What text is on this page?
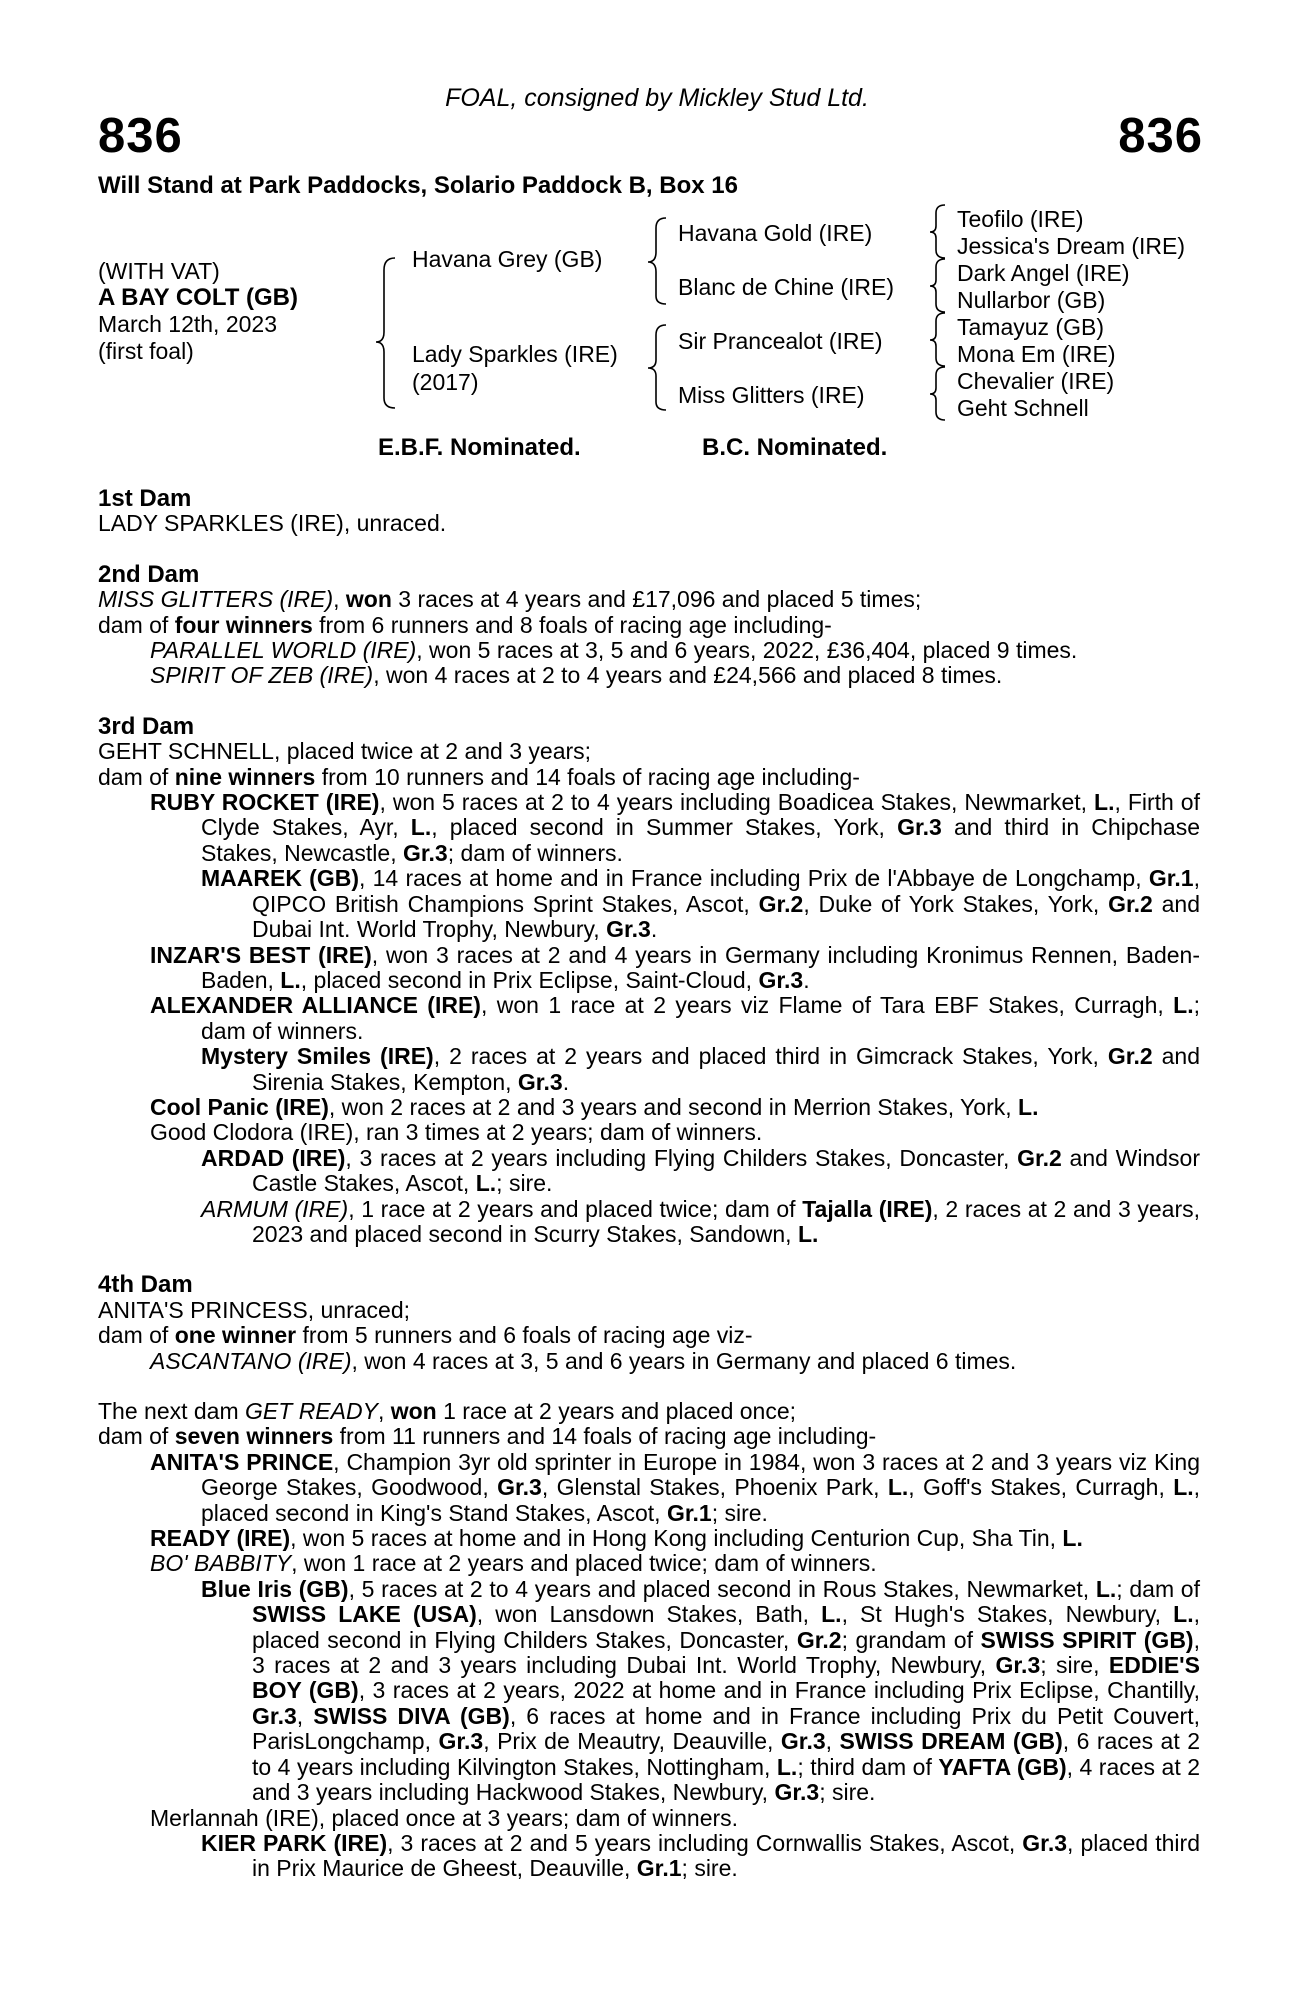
FOAL, consigned by Mickley Stud Ltd.
836	836
Will Stand at Park Paddocks, Solario Paddock B, Box 16
(WITH VAT)
A BAY COLT (GB)
March 12th, 2023
(first foal)
Havana Grey (GB)
Lady Sparkles (IRE)
(2017)
Havana Gold (IRE)
Blanc de Chine (IRE)
Sir Prancealot (IRE)
Miss Glitters (IRE)
Teofilo (IRE)
Jessica's Dream (IRE)
Dark Angel (IRE)
Nullarbor (GB)
Tamayuz (GB)
Mona Em (IRE)
Chevalier (IRE)
Geht Schnell
E.B.F. Nominated.	B.C. Nominated.

1st Dam

LADY SPARKLES (IRE), unraced.

2nd Dam

MISS GLITTERS (IRE), won 3 races at 4 years and £17,096 and placed 5 times;

dam of four winners from 6 runners and 8 foals of racing age including-

PARALLEL WORLD (IRE), won 5 races at 3, 5 and 6 years, 2022, £36,404, placed 9 times.

SPIRIT OF ZEB (IRE), won 4 races at 2 to 4 years and £24,566 and placed 8 times.

3rd Dam

GEHT SCHNELL, placed twice at 2 and 3 years;

dam of nine winners from 10 runners and 14 foals of racing age including-

RUBY ROCKET (IRE), won 5 races at 2 to 4 years including Boadicea Stakes, Newmarket, L., Firth of Clyde Stakes, Ayr, L., placed second in Summer Stakes, York, Gr.3 and third in Chipchase Stakes, Newcastle, Gr.3; dam of winners.

MAAREK (GB), 14 races at home and in France including Prix de l'Abbaye de Longchamp, Gr.1, QIPCO British Champions Sprint Stakes, Ascot, Gr.2, Duke of York Stakes, York, Gr.2 and Dubai Int. World Trophy, Newbury, Gr.3.

INZAR'S BEST (IRE), won 3 races at 2 and 4 years in Germany including Kronimus Rennen, Baden-Baden, L., placed second in Prix Eclipse, Saint-Cloud, Gr.3.

ALEXANDER ALLIANCE (IRE), won 1 race at 2 years viz Flame of Tara EBF Stakes, Curragh, L.; dam of winners.

Mystery Smiles (IRE), 2 races at 2 years and placed third in Gimcrack Stakes, York, Gr.2 and Sirenia Stakes, Kempton, Gr.3.

Cool Panic (IRE), won 2 races at 2 and 3 years and second in Merrion Stakes, York, L.

Good Clodora (IRE), ran 3 times at 2 years; dam of winners.

ARDAD (IRE), 3 races at 2 years including Flying Childers Stakes, Doncaster, Gr.2 and Windsor Castle Stakes, Ascot, L.; sire.

ARMUM (IRE), 1 race at 2 years and placed twice; dam of Tajalla (IRE), 2 races at 2 and 3 years, 2023 and placed second in Scurry Stakes, Sandown, L.

4th Dam

ANITA'S PRINCESS, unraced;

dam of one winner from 5 runners and 6 foals of racing age viz-

ASCANTANO (IRE), won 4 races at 3, 5 and 6 years in Germany and placed 6 times.

The next dam GET READY, won 1 race at 2 years and placed once;

dam of seven winners from 11 runners and 14 foals of racing age including-

ANITA'S PRINCE, Champion 3yr old sprinter in Europe in 1984, won 3 races at 2 and 3 years viz King George Stakes, Goodwood, Gr.3, Glenstal Stakes, Phoenix Park, L., Goff's Stakes, Curragh, L., placed second in King's Stand Stakes, Ascot, Gr.1; sire.

READY (IRE), won 5 races at home and in Hong Kong including Centurion Cup, Sha Tin, L.

BO' BABBITY, won 1 race at 2 years and placed twice; dam of winners.

Blue Iris (GB), 5 races at 2 to 4 years and placed second in Rous Stakes, Newmarket, L.; dam of SWISS LAKE (USA), won Lansdown Stakes, Bath, L., St Hugh's Stakes, Newbury, L., placed second in Flying Childers Stakes, Doncaster, Gr.2; grandam of SWISS SPIRIT (GB), 3 races at 2 and 3 years including Dubai Int. World Trophy, Newbury, Gr.3; sire, EDDIE'S BOY (GB), 3 races at 2 years, 2022 at home and in France including Prix Eclipse, Chantilly, Gr.3, SWISS DIVA (GB), 6 races at home and in France including Prix du Petit Couvert, ParisLongchamp, Gr.3, Prix de Meautry, Deauville, Gr.3, SWISS DREAM (GB), 6 races at 2 to 4 years including Kilvington Stakes, Nottingham, L.; third dam of YAFTA (GB), 4 races at 2 and 3 years including Hackwood Stakes, Newbury, Gr.3; sire.

Merlannah (IRE), placed once at 3 years; dam of winners.

KIER PARK (IRE), 3 races at 2 and 5 years including Cornwallis Stakes, Ascot, Gr.3, placed third in Prix Maurice de Gheest, Deauville, Gr.1; sire.
